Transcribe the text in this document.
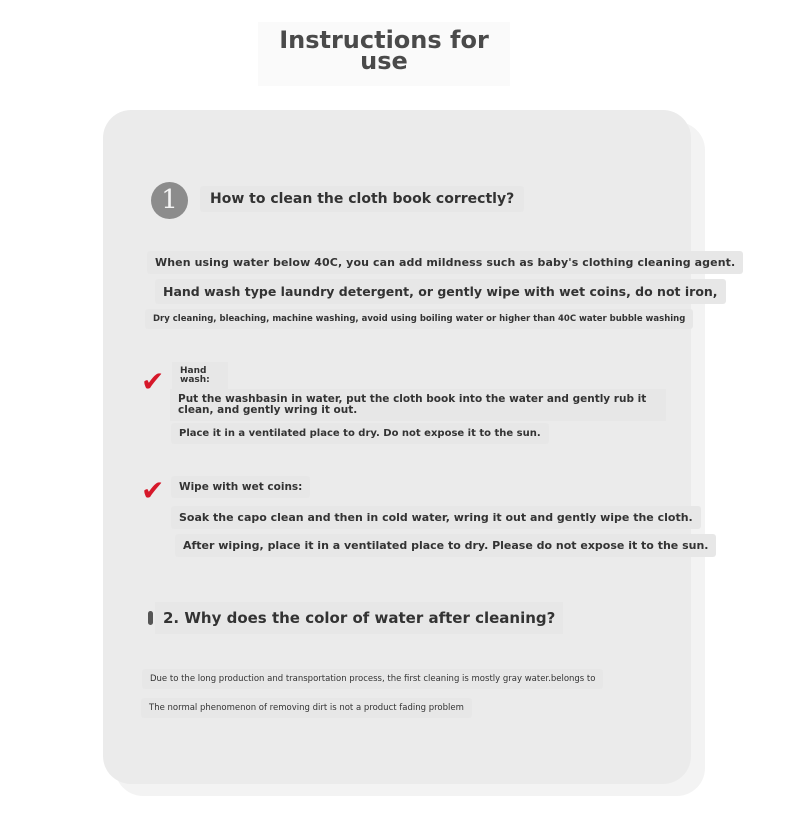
Instructions for use
1	How to clean the cloth book correctly?
When using water below 40C, you can add mildness such as baby's clothing cleaning agent.
Hand wash type laundry detergent, or gently wipe with wet coins, do not iron,
Dry cleaning, bleaching, machine washing, avoid using boiling water or higher than 40C water bubble washing
✔	Hand wash:
Put the washbasin in water, put the cloth book into the water and gently rub it clean, and gently wring it out.
Place it in a ventilated place to dry. Do not expose it to the sun.
✔	Wipe with wet coins:
Soak the capo clean and then in cold water, wring it out and gently wipe the cloth.
After wiping, place it in a ventilated place to dry. Please do not expose it to the sun.
2. Why does the color of water after cleaning?
Due to the long production and transportation process, the first cleaning is mostly gray water.belongs to
The normal phenomenon of removing dirt is not a product fading problem
